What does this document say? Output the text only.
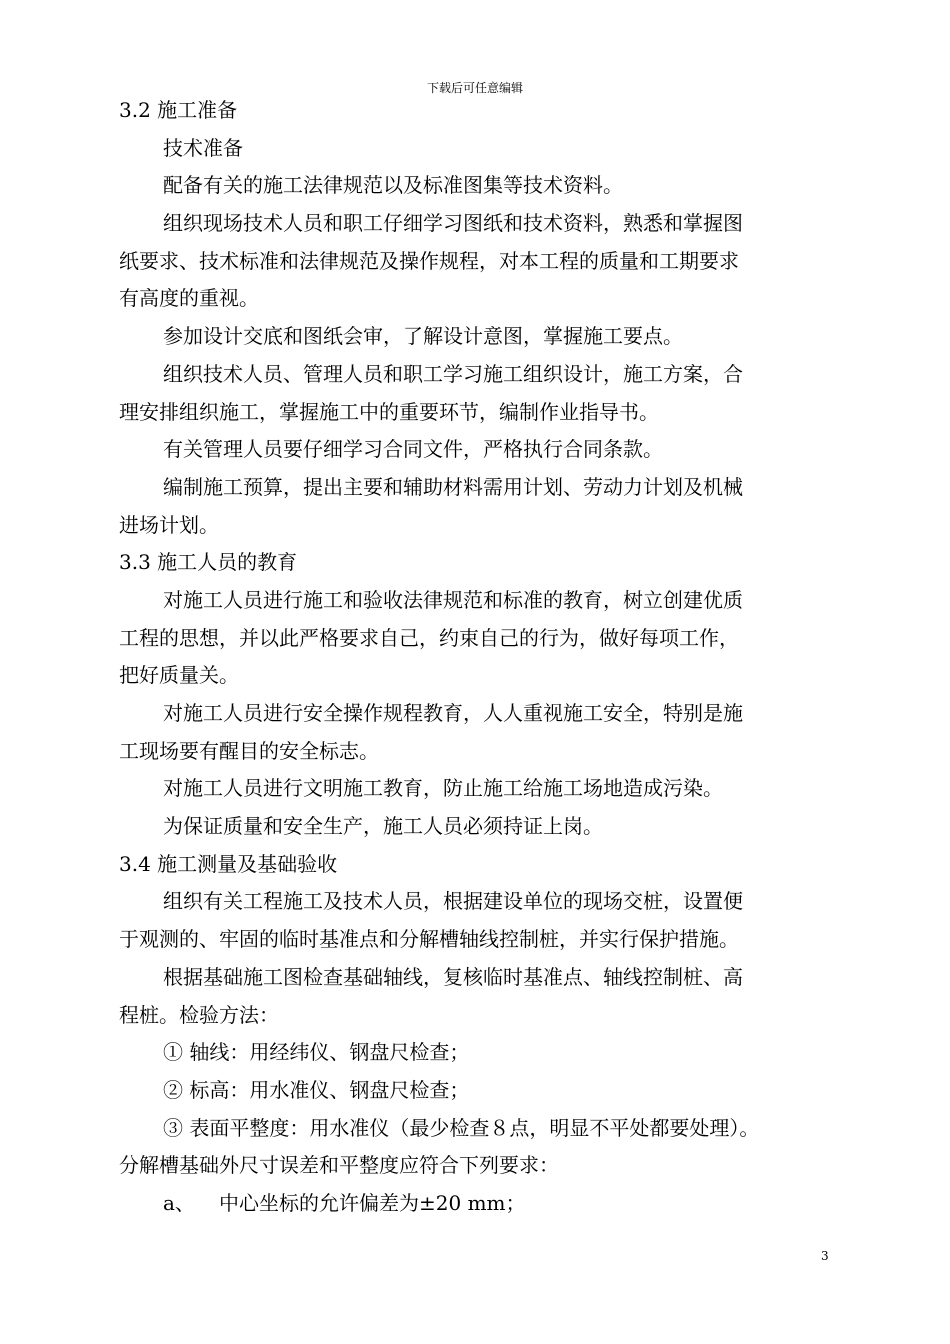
下载后可任意编辑
3.2 施工准备
技术准备
配备有关的施工法律规范以及标准图集等技术资料。
组织现场技术人员和职工仔细学习图纸和技术资料，熟悉和掌握图
纸要求、技术标准和法律规范及操作规程，对本工程的质量和工期要求
有高度的重视。
参加设计交底和图纸会审，了解设计意图，掌握施工要点。
组织技术人员、管理人员和职工学习施工组织设计，施工方案，合
理安排组织施工，掌握施工中的重要环节，编制作业指导书。
有关管理人员要仔细学习合同文件，严格执行合同条款。
编制施工预算，提出主要和辅助材料需用计划、劳动力计划及机械
进场计划。
3.3 施工人员的教育
对施工人员进行施工和验收法律规范和标准的教育，树立创建优质
工程的思想，并以此严格要求自己，约束自己的行为，做好每项工作，
把好质量关。
对施工人员进行安全操作规程教育，人人重视施工安全，特别是施
工现场要有醒目的安全标志。
对施工人员进行文明施工教育，防止施工给施工场地造成污染。
为保证质量和安全生产，施工人员必须持证上岗。
3.4 施工测量及基础验收
组织有关工程施工及技术人员，根据建设单位的现场交桩，设置便
于观测的、牢固的临时基准点和分解槽轴线控制桩，并实行保护措施。
根据基础施工图检查基础轴线，复核临时基准点、轴线控制桩、高
程桩。检验方法：
① 轴线：用经纬仪、钢盘尺检查；
② 标高：用水准仪、钢盘尺检查；
③ 表面平整度：用水准仪（最少检查８点，明显不平处都要处理）。
分解槽基础外尺寸误差和平整度应符合下列要求：
a、 中心坐标的允许偏差为±20 mm；
3
